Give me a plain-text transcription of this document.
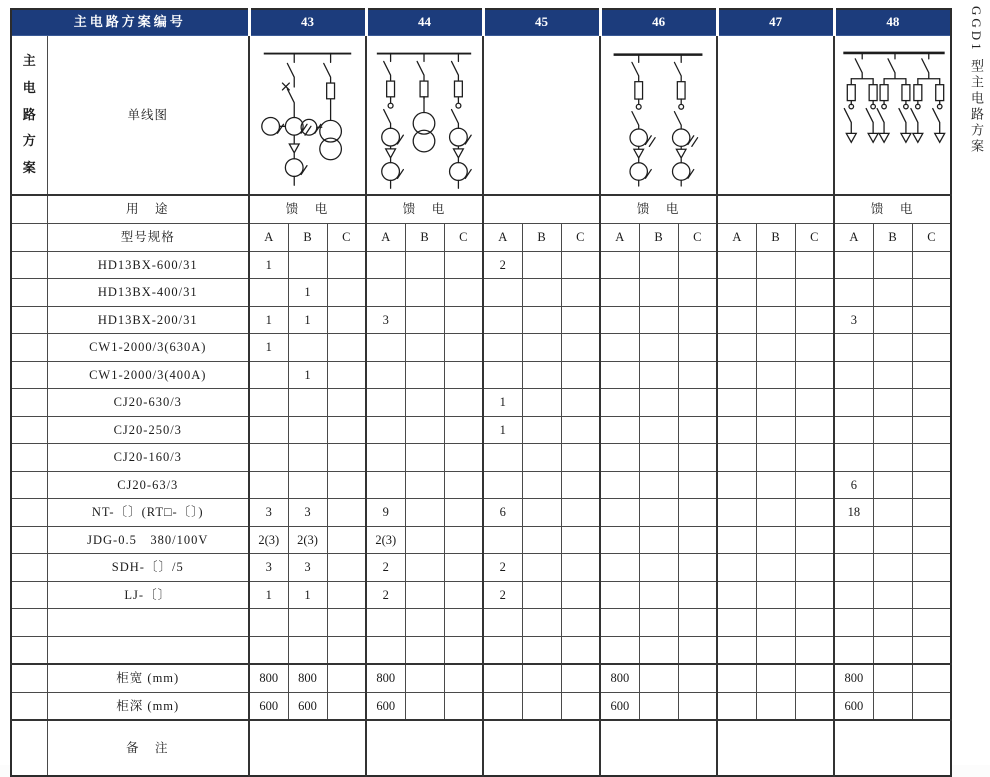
主电路方案编号		43			44			45			46			47			48		

主电路方案	单线图	

	用　途	馈　电			馈　电						馈　电						馈　电		
	型号规格	A	B	C	A	B	C	A	B	C	A	B	C	A	B	C	A	B	C
	HD13BX-600/31	1						2											
	HD13BX-400/31		1																
	HD13BX-200/31	1	1		3												3		
	CW1-2000/3(630A)	1																	
	CW1-2000/3(400A)		1																
	CJ20-630/3							1											
	CJ20-250/3							1											
	CJ20-160/3																		
	CJ20-63/3																6		
	NT-〔〕(RT□-〔〕)	3	3		9			6									18		
	JDG-0.5　380/100V	2(3)	2(3)		2(3)														
	SDH-〔〕/5	3	3		2			2											
	LJ-〔〕	1	1		2			2											

	柜宽 (mm)	800	800		800						800						800		
	柜深 (mm)	600	600		600						600						600		
	备　注																		
GGD1 型主电路方案
